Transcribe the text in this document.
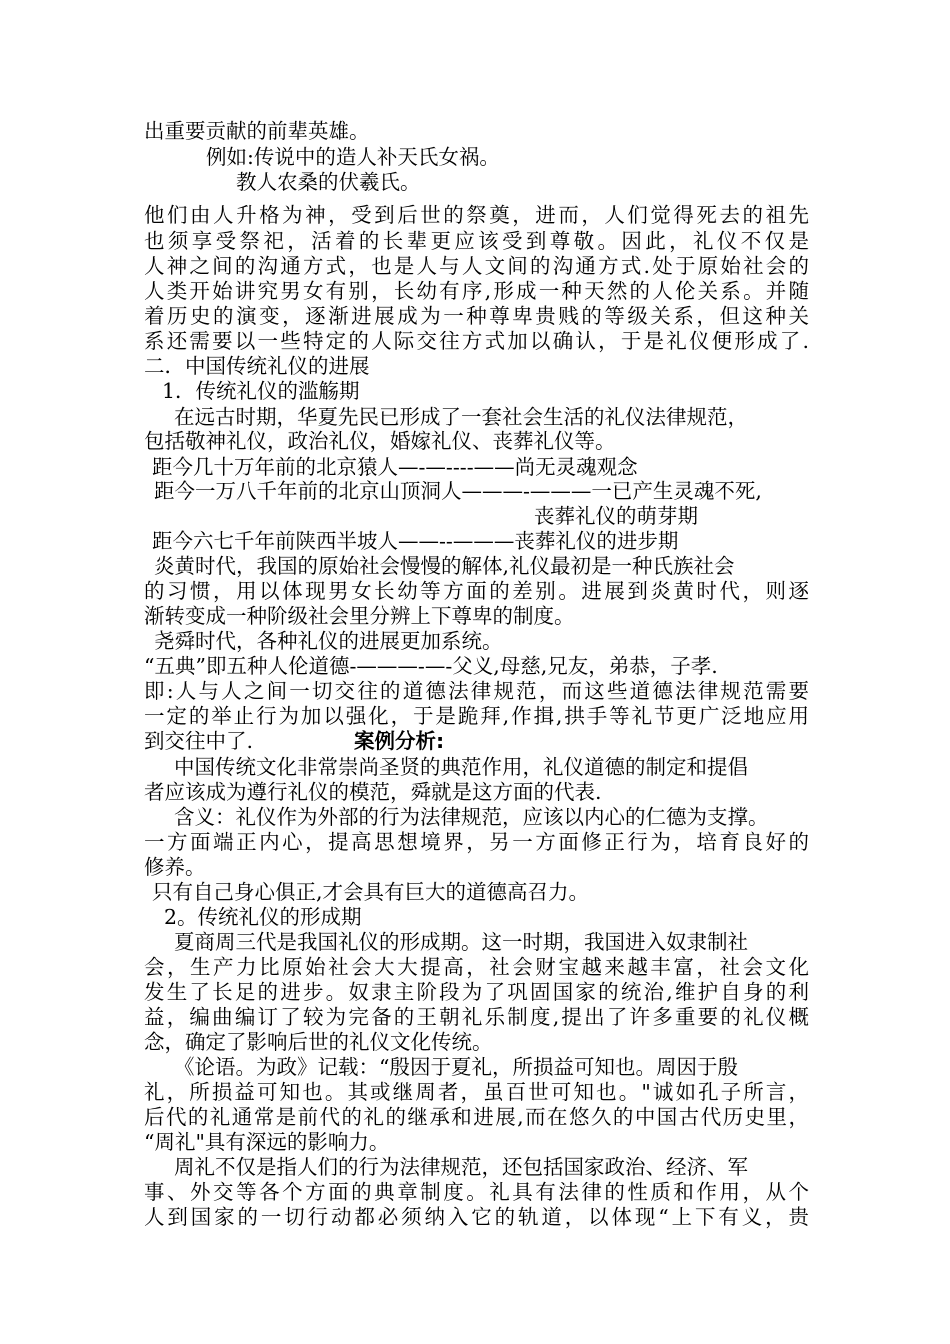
出重要贡献的前辈英雄。
例如:传说中的造人补天氏女祸。
教人农桑的伏羲氏。
他们由人升格为神，受到后世的祭奠，进而，人们觉得死去的祖先
也须享受祭祀，活着的长辈更应该受到尊敬。因此，礼仪不仅是
人神之间的沟通方式，也是人与人文间的沟通方式.处于原始社会的
人类开始讲究男女有别，长幼有序,形成一种天然的人伦关系。并随
着历史的演变，逐渐进展成为一种尊卑贵贱的等级关系，但这种关
系还需要以一些特定的人际交往方式加以确认，于是礼仪便形成了.
二．中国传统礼仪的进展
1．传统礼仪的滥觞期
在远古时期，华夏先民已形成了一套社会生活的礼仪法律规范，
包括敬神礼仪，政治礼仪，婚嫁礼仪、丧葬礼仪等。
距今几十万年前的北京猿人—-—----——尚无灵魂观念
距今一万八千年前的北京山顶洞人———-———一已产生灵魂不死,
丧葬礼仪的萌芽期
距今六七千年前陕西半坡人——--———丧葬礼仪的进步期
炎黄时代，我国的原始社会慢慢的解体,礼仪最初是一种氏族社会
的习惯，用以体现男女长幼等方面的差别。进展到炎黄时代，则逐
渐转变成一种阶级社会里分辨上下尊卑的制度。
尧舜时代，各种礼仪的进展更加系统。
“五典”即五种人伦道德-———-—-父义,母慈,兄友，弟恭，子孝.
即:人与人之间一切交往的道德法律规范，而这些道德法律规范需要
一定的举止行为加以强化，于是跪拜,作揖,拱手等礼节更广泛地应用
到交往中了.	案例分析:
中国传统文化非常崇尚圣贤的典范作用，礼仪道德的制定和提倡
者应该成为遵行礼仪的模范，舜就是这方面的代表.
含义：礼仪作为外部的行为法律规范，应该以内心的仁德为支撑。
一方面端正内心，提高思想境界，另一方面修正行为，培育良好的
修养。
只有自己身心俱正,才会具有巨大的道德高召力。
2。传统礼仪的形成期
夏商周三代是我国礼仪的形成期。这一时期，我国进入奴隶制社
会，生产力比原始社会大大提高，社会财宝越来越丰富，社会文化
发生了长足的进步。奴隶主阶段为了巩固国家的统治,维护自身的利
益，编曲编订了较为完备的王朝礼乐制度,提出了许多重要的礼仪概
念，确定了影响后世的礼仪文化传统。
《论语。为政》记载：“殷因于夏礼，所损益可知也。周因于殷
礼，所损益可知也。其或继周者，虽百世可知也。"诚如孔子所言，
后代的礼通常是前代的礼的继承和进展,而在悠久的中国古代历史里，
“周礼"具有深远的影响力。
周礼不仅是指人们的行为法律规范，还包括国家政治、经济、军
事、外交等各个方面的典章制度。礼具有法律的性质和作用，从个
人到国家的一切行动都必须纳入它的轨道，以体现“上下有义，贵
